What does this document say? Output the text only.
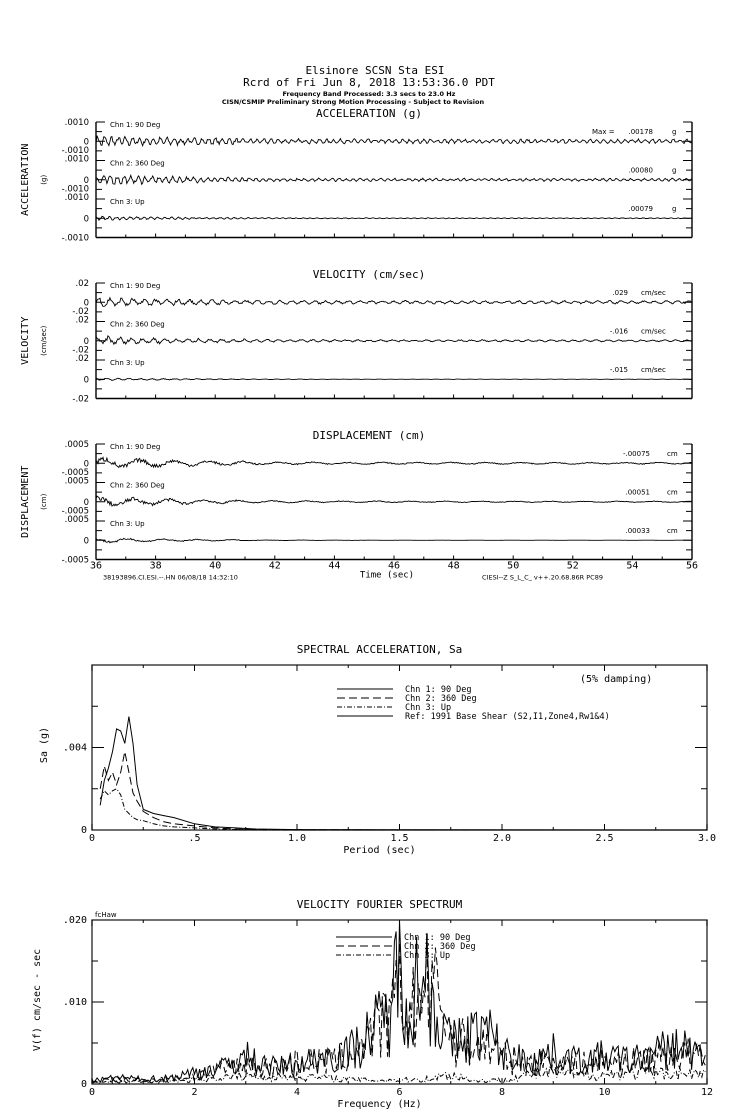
Elsinore SCSN Sta ESI
Rcrd of Fri Jun 8, 2018 13:53:36.0 PDT
Frequency Band Processed: 3.3 secs to 23.0 Hz
CISN/CSMIP Preliminary Strong Motion Processing - Subject to Revision
ACCELERATION (g)
ACCELERATION (g)
.0010
0
-.0010
Chn 1: 90 Deg
Max = .00178	g
.0010
0
-.0010
Chn 2: 360 Deg
.00080	g
.0010
0
-.0010
Chn 3: Up
.00079	g
VELOCITY (cm/sec)
VELOCITY (cm/sec)
.02
0
-.02
Chn 1: 90 Deg
.029 cm/sec
.02
0
-.02
Chn 2: 360 Deg
-.016 cm/sec
.02
0
-.02
Chn 3: Up
-.015 cm/sec
DISPLACEMENT (cm)
DISPLACEMENT (cm)
.0005
0
-.0005
Chn 1: 90 Deg
-.00075 cm
.0005
0
-.0005
Chn 2: 360 Deg
.00051 cm
.0005
0
-.0005
Chn 3: Up
.00033 cm
36	38	40	42	44	46	48	50	52	54	56
Time (sec)
38193896.CI.ESI.--.HN 06/08/18 14:32:10	CIESI--Z S_L_C_ v++.20.68.86R PC89
SPECTRAL ACCELERATION, Sa
0	.5	1.0	1.5	2.0	2.5	3.0
0
.004
Period (sec)
Sa (g)
Chn 1: 90 Deg
Chn 2: 360 Deg
Chn 3: Up
Ref: 1991 Base Shear (S2,I1,Zone4,Rw1&4)
(5% damping)
VELOCITY FOURIER SPECTRUM
0	2	4	6	8	10	12
0
.010
.020
Frequency (Hz)
V(f) cm/sec - sec
Chn 1: 90 Deg
Chn 2: 360 Deg
Chn 3: Up
fcHaw
